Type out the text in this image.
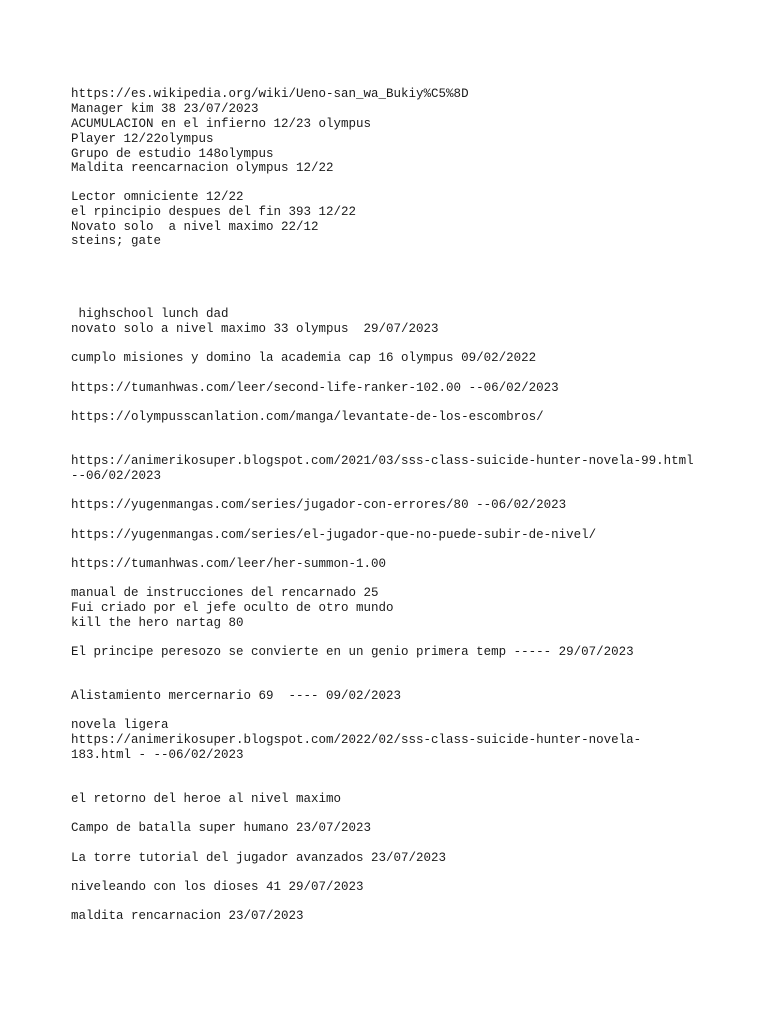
https://es.wikipedia.org/wiki/Ueno-san_wa_Bukiy%C5%8D

Manager kim 38 23/07/2023

ACUMULACION en el infierno 12/23 olympus

Player 12/22olympus

Grupo de estudio 148olympus

Maldita reencarnacion olympus 12/22

Lector omniciente 12/22

el rpincipio despues del fin 393 12/22

Novato solo  a nivel maximo 22/12

steins; gate

highschool lunch dad

novato solo a nivel maximo 33 olympus  29/07/2023

cumplo misiones y domino la academia cap 16 olympus 09/02/2022

https://tumanhwas.com/leer/second-life-ranker-102.00 --06/02/2023

https://olympusscanlation.com/manga/levantate-de-los-escombros/

https://animerikosuper.blogspot.com/2021/03/sss-class-suicide-hunter-novela-99.html

--06/02/2023

https://yugenmangas.com/series/jugador-con-errores/80 --06/02/2023

https://yugenmangas.com/series/el-jugador-que-no-puede-subir-de-nivel/

https://tumanhwas.com/leer/her-summon-1.00

manual de instrucciones del rencarnado 25

Fui criado por el jefe oculto de otro mundo

kill the hero nartag 80

El principe peresozo se convierte en un genio primera temp ----- 29/07/2023

Alistamiento mercernario 69  ---- 09/02/2023

novela ligera

https://animerikosuper.blogspot.com/2022/02/sss-class-suicide-hunter-novela-

183.html - --06/02/2023

el retorno del heroe al nivel maximo

Campo de batalla super humano 23/07/2023

La torre tutorial del jugador avanzados 23/07/2023

niveleando con los dioses 41 29/07/2023

maldita rencarnacion 23/07/2023
